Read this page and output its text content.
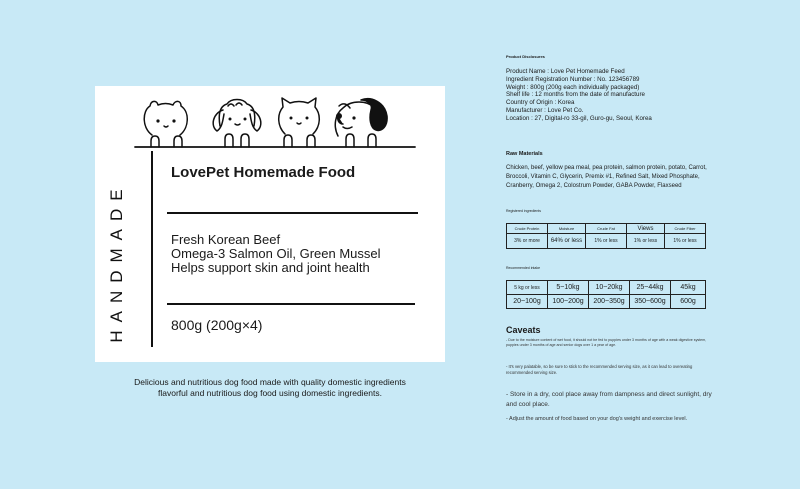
HANDMADE
LovePet Homemade Food
Fresh Korean Beef
Omega-3 Salmon Oil, Green Mussel
Helps support skin and joint health
800g (200g×4)
Delicious and nutritious dog food made with quality domestic ingredients
flavorful and nutritious dog food using domestic ingredients.
Product Disclosures
Product Name : Love Pet Homemade Feed
Ingredient Registration Number : No. 123456789
Weight : 800g (200g each individually packaged)
Shelf life : 12 months from the date of manufacture
Country of Origin : Korea
Manufacturer : Love Pet Co.
Location : 27, Digital-ro 33-gil, Guro-gu, Seoul, Korea
Raw Materials
Chicken, beef, yellow pea meal, pea protein, salmon protein, potato, Carrot, Broccoli, Vitamin C, Glycerin, Premix #1, Refined Salt, Mixed Phosphate, Cranberry, Omega 2, Colostrum Powder, GABA Powder, Flaxseed
Registered ingredients
Crude Protein	Moisture	Crude Fat	Views	Crude Fiber
3% or more	64% or less	1% or less	1% or less	1% or less
Recommended intake
5 kg or less	5~10kg	10~20kg	25~44kg	45kg
20~100g	100~200g	200~350g	350~600g	600g
Caveats
- Due to the moisture content of wet food, it should not be fed to puppies under 3 months of age with a weak digestive system, puppies under 3 months of age and senior dogs over 1 a year of age.
- It's very palatable, so be sure to stick to the recommended serving size, as it can lead to overeating recommended serving size.
- Store in a dry, cool place away from dampness and direct sunlight, dry and cool place.
- Adjust the amount of food based on your dog's weight and exercise level.
